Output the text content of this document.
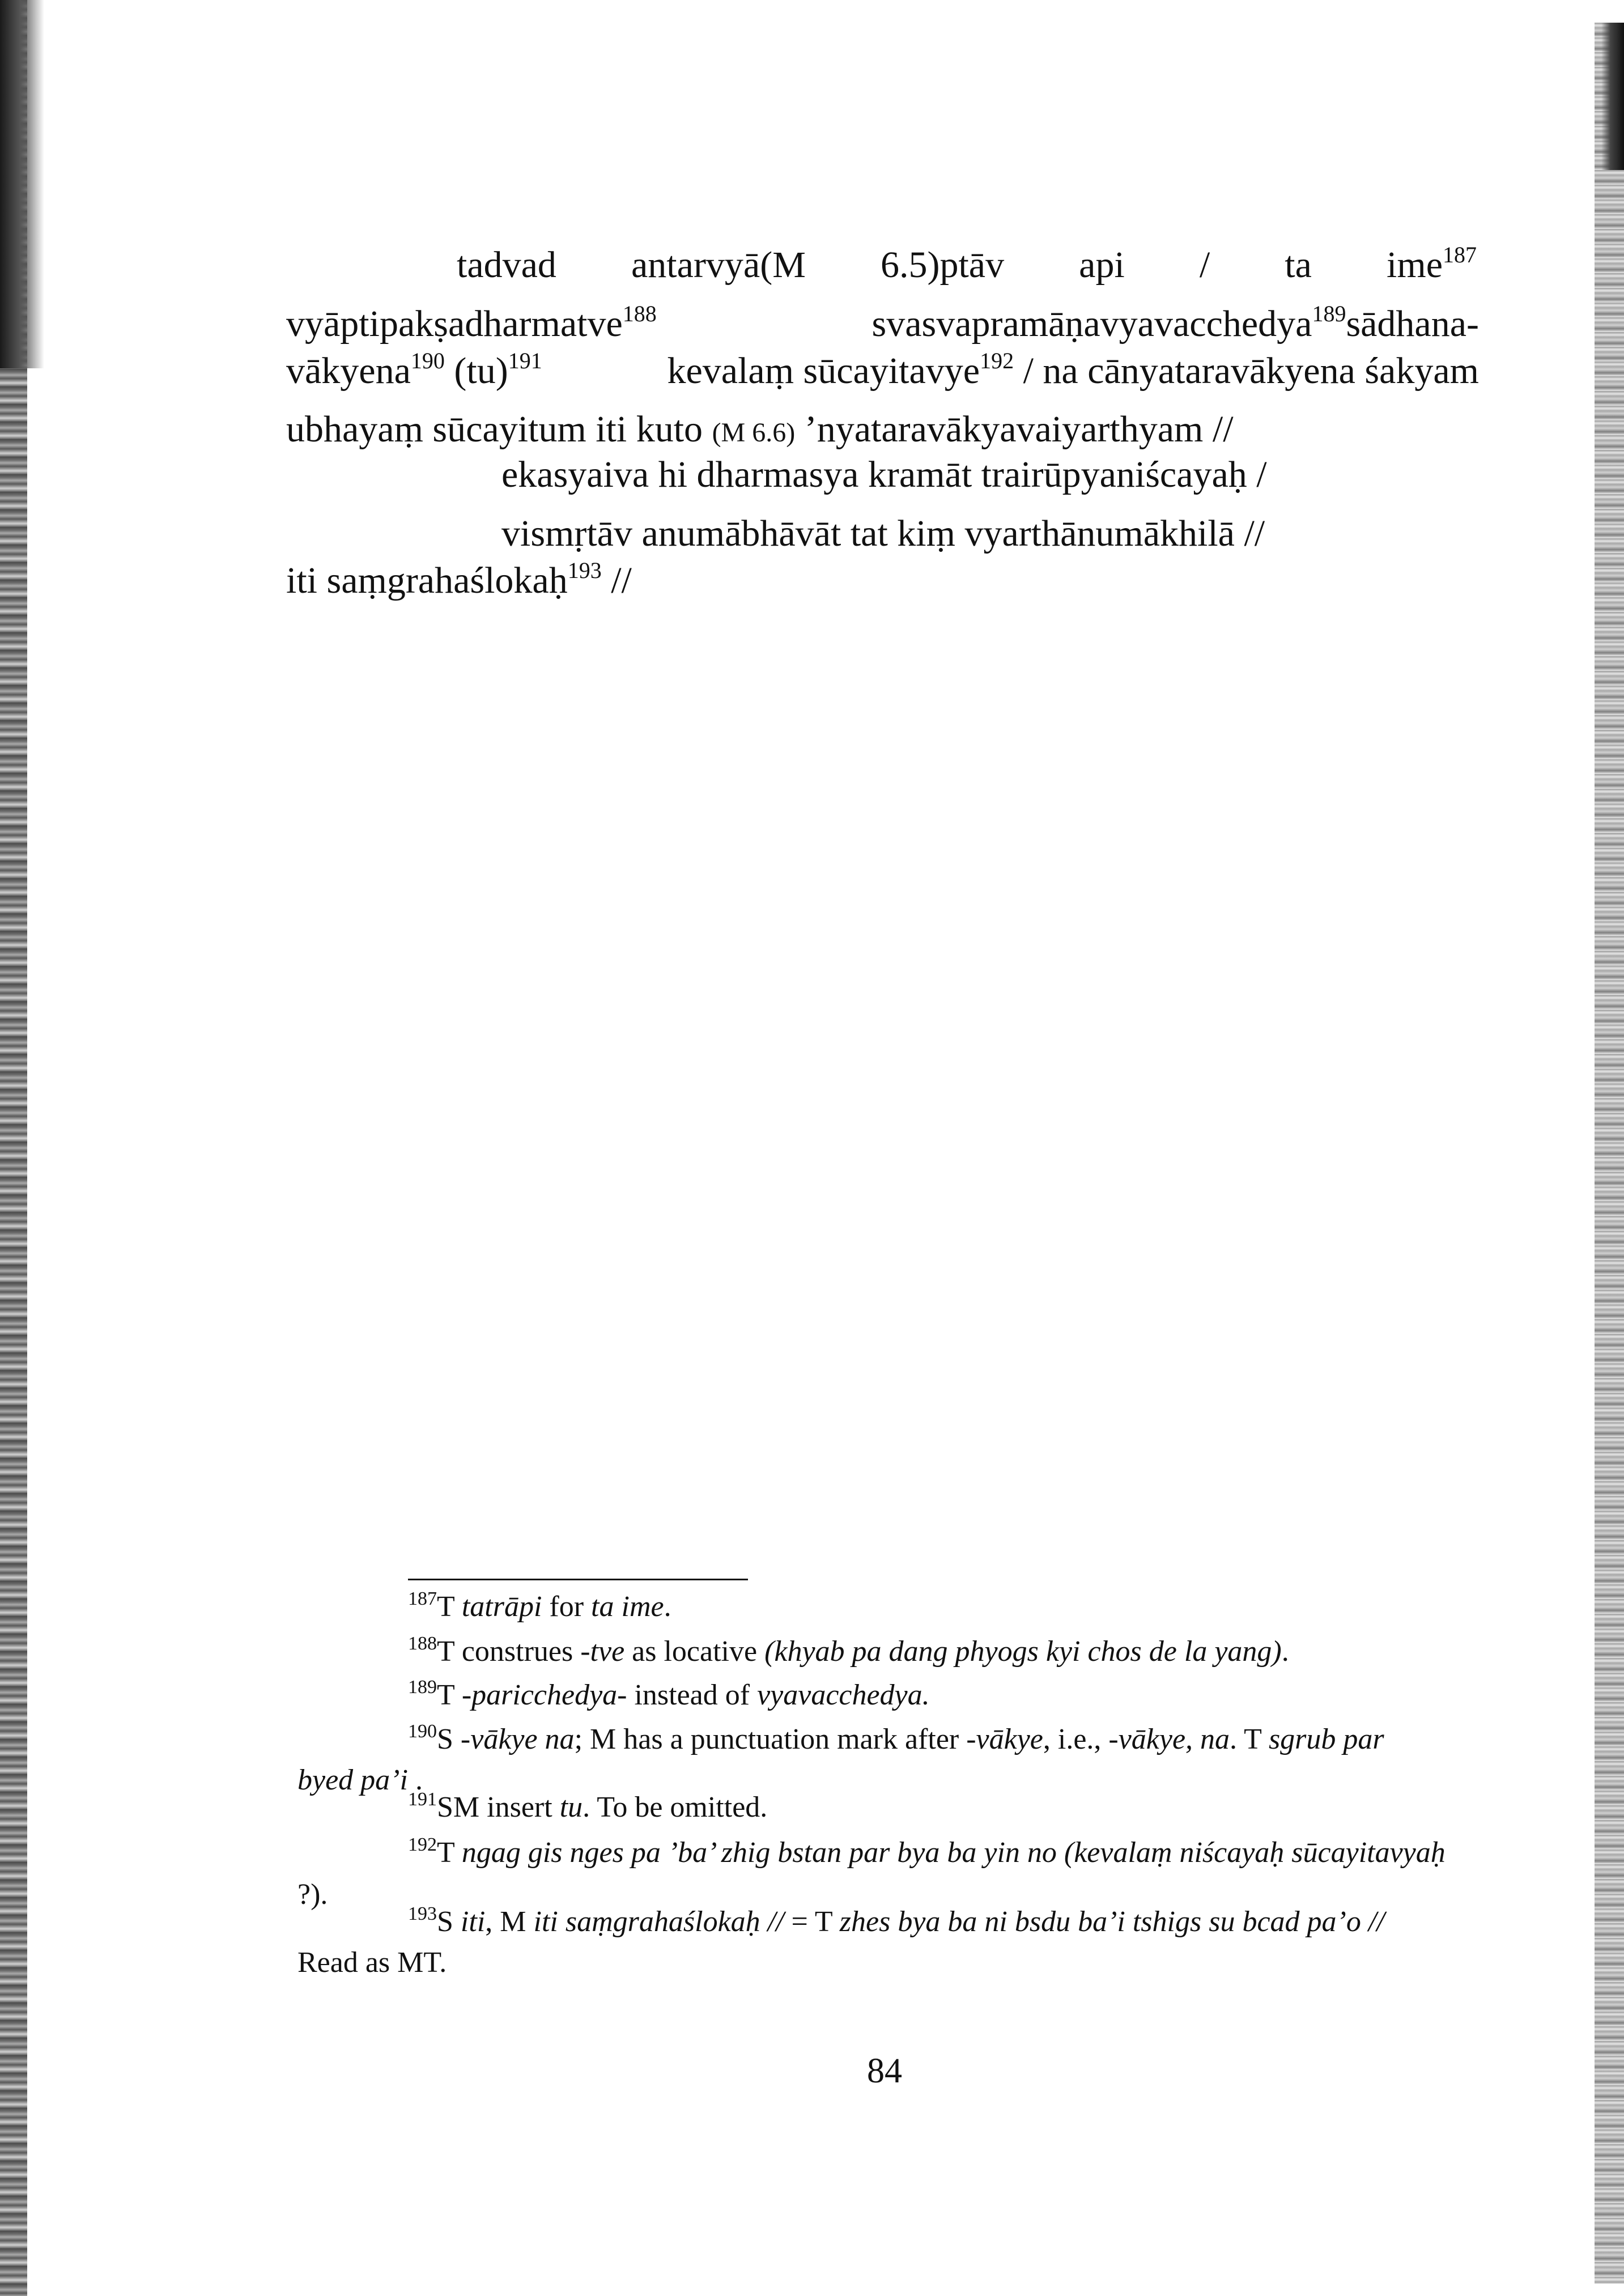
tadvad antarvyā(M 6.5)ptāv api / ta ime$^{187}$
vyāptipakṣadharmatve$^{188}$	svasvapramāṇavyavacchedya$^{189}$sādhana-
vākyena$^{190}$ (tu)$^{191}$	kevalaṃ sūcayitavye$^{192}$ / na cānyataravākyena śakyam
ubhayaṃ sūcayitum iti kuto (M 6.6) ’nyataravākyavaiyarthyam //
ekasyaiva hi dharmasya kramāt trairūpyaniścayaḥ /
vismṛtāv anumābhāvāt tat kiṃ vyarthānumākhilā //
iti saṃgrahaślokaḥ$^{193}$ //
$^{187}$T tatrāpi for ta ime.
$^{188}$T construes -tve as locative (khyab pa dang phyogs kyi chos de la yang).
$^{189}$T -paricchedya- instead of vyavacchedya.
$^{190}$S -vākye na; M has a punctuation mark after -vākye, i.e., -vākye, na. T sgrub par
byed pa’i .
$^{191}$SM insert tu. To be omitted.
$^{192}$T ngag gis nges pa ’ba’ zhig bstan par bya ba yin no (kevalaṃ niścayaḥ sūcayitavyaḥ
?).
$^{193}$S iti, M iti saṃgrahaślokaḥ // = T zhes bya ba ni bsdu ba’i tshigs su bcad pa’o //
Read as MT.
84
